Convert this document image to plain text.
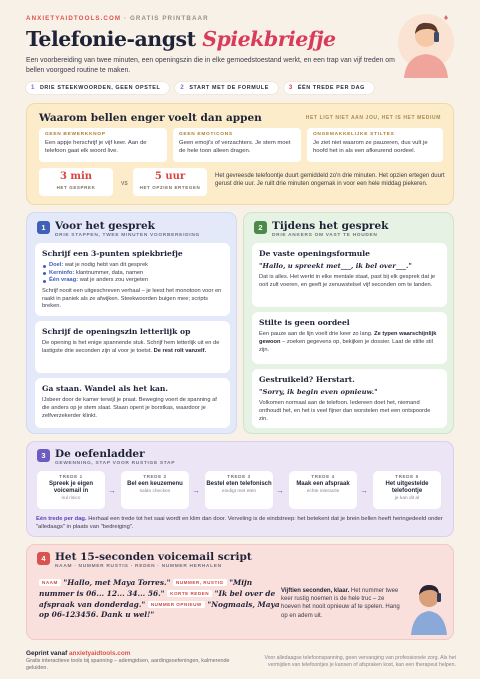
ANXIETYAIDTOOLS.COM · GRATIS PRINTBAAR
Telefonie-angst Spiekbriefje
Een voorbereiding van twee minuten, een openingszin die in elke gemoedstoestand werkt, en een trap van vijf treden om bellen voorgoed routine te maken.
1 DRIE STEEKWOORDEN, GEEN OPSTEL	2 START MET DE FORMULE	3 ÉÉN TREDE PER DAG
Waarom bellen enger voelt dan appen	HET LIGT NIET AAN JOU, HET IS HET MEDIUM
GEEN BEWERKKNOP
Een appje herschrijf je vijf keer. Aan de telefoon gaat elk woord live.
GEEN EMOTICONS
Geen emoji's of verzachters. Je stem moet de hele toon alleen dragen.
ONGEMAKKELIJKE STILTES
Je ziet niet waarom ze pauzeren, dus vult je hoofd het in als een afkeurend oordeel.
3 min
HET GESPREK
VS
5 uur
HET OPZIEN ERTEGEN
Het gevreesde telefoontje duurt gemiddeld zo'n drie minuten. Het opzien ertegen duurt gerust drie uur. Je ruilt drie minuten ongemak in voor een hele middag piekeren.
1 Voor het gesprek
DRIE STAPPEN, TWEE MINUTEN VOORBEREIDING
Schrijf een 3-punten spiekbriefje
Doel: wat je nodig hebt van dit gesprek
Kerninfo: klantnummer, data, namen
Één vraag: wat je anders zou vergeten
Schrijf nooit een uitgeschreven verhaal – je leest het monotoon voor en raakt in paniek als ze afwijken. Steekwoorden buigen mee; scripts breken.
Schrijf de openingszin letterlijk op
De opening is het enige spannende stuk. Schrijf hem letterlijk uit en de lastigste drie seconden zijn al voor je toetst. De rest rolt vanzelf.
Ga staan. Wandel als het kan.
IJsbeer door de kamer terwijl je praat. Beweging voert de spanning af die anders op je stem slaat. Staan opent je borstkas, waardoor je zelfverzekerder klinkt.
2 Tijdens het gesprek
DRIE ANKERS OM VAST TE HOUDEN
De vaste openingsformule
"Hallo, u spreekt met___, ik bel over___."
Dat is alles. Het werkt in elke mentale staat, past bij elk gesprek dat je ooit zult voeren, en geeft je zenuwstelsel vijf seconden om te landen.
Stilte is geen oordeel
Een pauze aan de lijn voelt drie keer zo lang. Ze typen waarschijnlijk gewoon – zoeken gegevens op, bekijken je dossier. Laat de stilte stil zijn.
Gestruikeld? Herstart.
"Sorry, ik begin even opnieuw."
Volkomen normaal aan de telefoon. Iedereen doet het, niemand onthoudt het, en het is veel fijner dan worstelen met een ontspoorde zin.
3 De oefenladder
GEWENNING, STAP VOOR RUSTIGE STAP
TREDE 1
Spreek je eigen voicemail in
nul risico
→
TREDE 2
Bel een keuzemenu
saldo checken	→
TREDE 3
Bestel eten telefonisch
eindigt met eten	→
TREDE 4
Maak een afspraak
echte interactie	→
TREDE 5
Het uitgestelde telefoontje
je kan dit al
Eén trede per dag. Herhaal een trede tot het saai wordt en klim dan door. Verveling is de eindstreep: het betekent dat je brein bellen heeft heringedeeld onder "alledaags" in plaats van "bedreiging".
4 Het 15-seconden voicemail script
NAAM · NUMMER RUSTIG · REDEN · NUMMER HERHALEN
NAAM "Hallo, met Maya Torres." NUMMER, RUSTIG "Mijn nummer is 06... 12... 34... 56." KORTE REDEN "Ik bel over de afspraak van donderdag." NUMMER OPNIEUW "Nogmaals, Maya op 06-123456. Dank u wel!"
Vijftien seconden, klaar. Het nummer twee keer rustig noemen is de hele truc – ze hoeven het nooit opnieuw af te spelen. Hang op en adem uit.
Geprint vanaf anxietyaidtools.com
Gratis interactieve tools bij spanning – ademgidsen, aardingsoefeningen, kalmerende geluiden.
Voor alledaagse telefoonspanning, geen vervanging van professionele zorg. Als het vermijden van telefoontjes je kansen of afspraken kost, kan een therapeut helpen.
